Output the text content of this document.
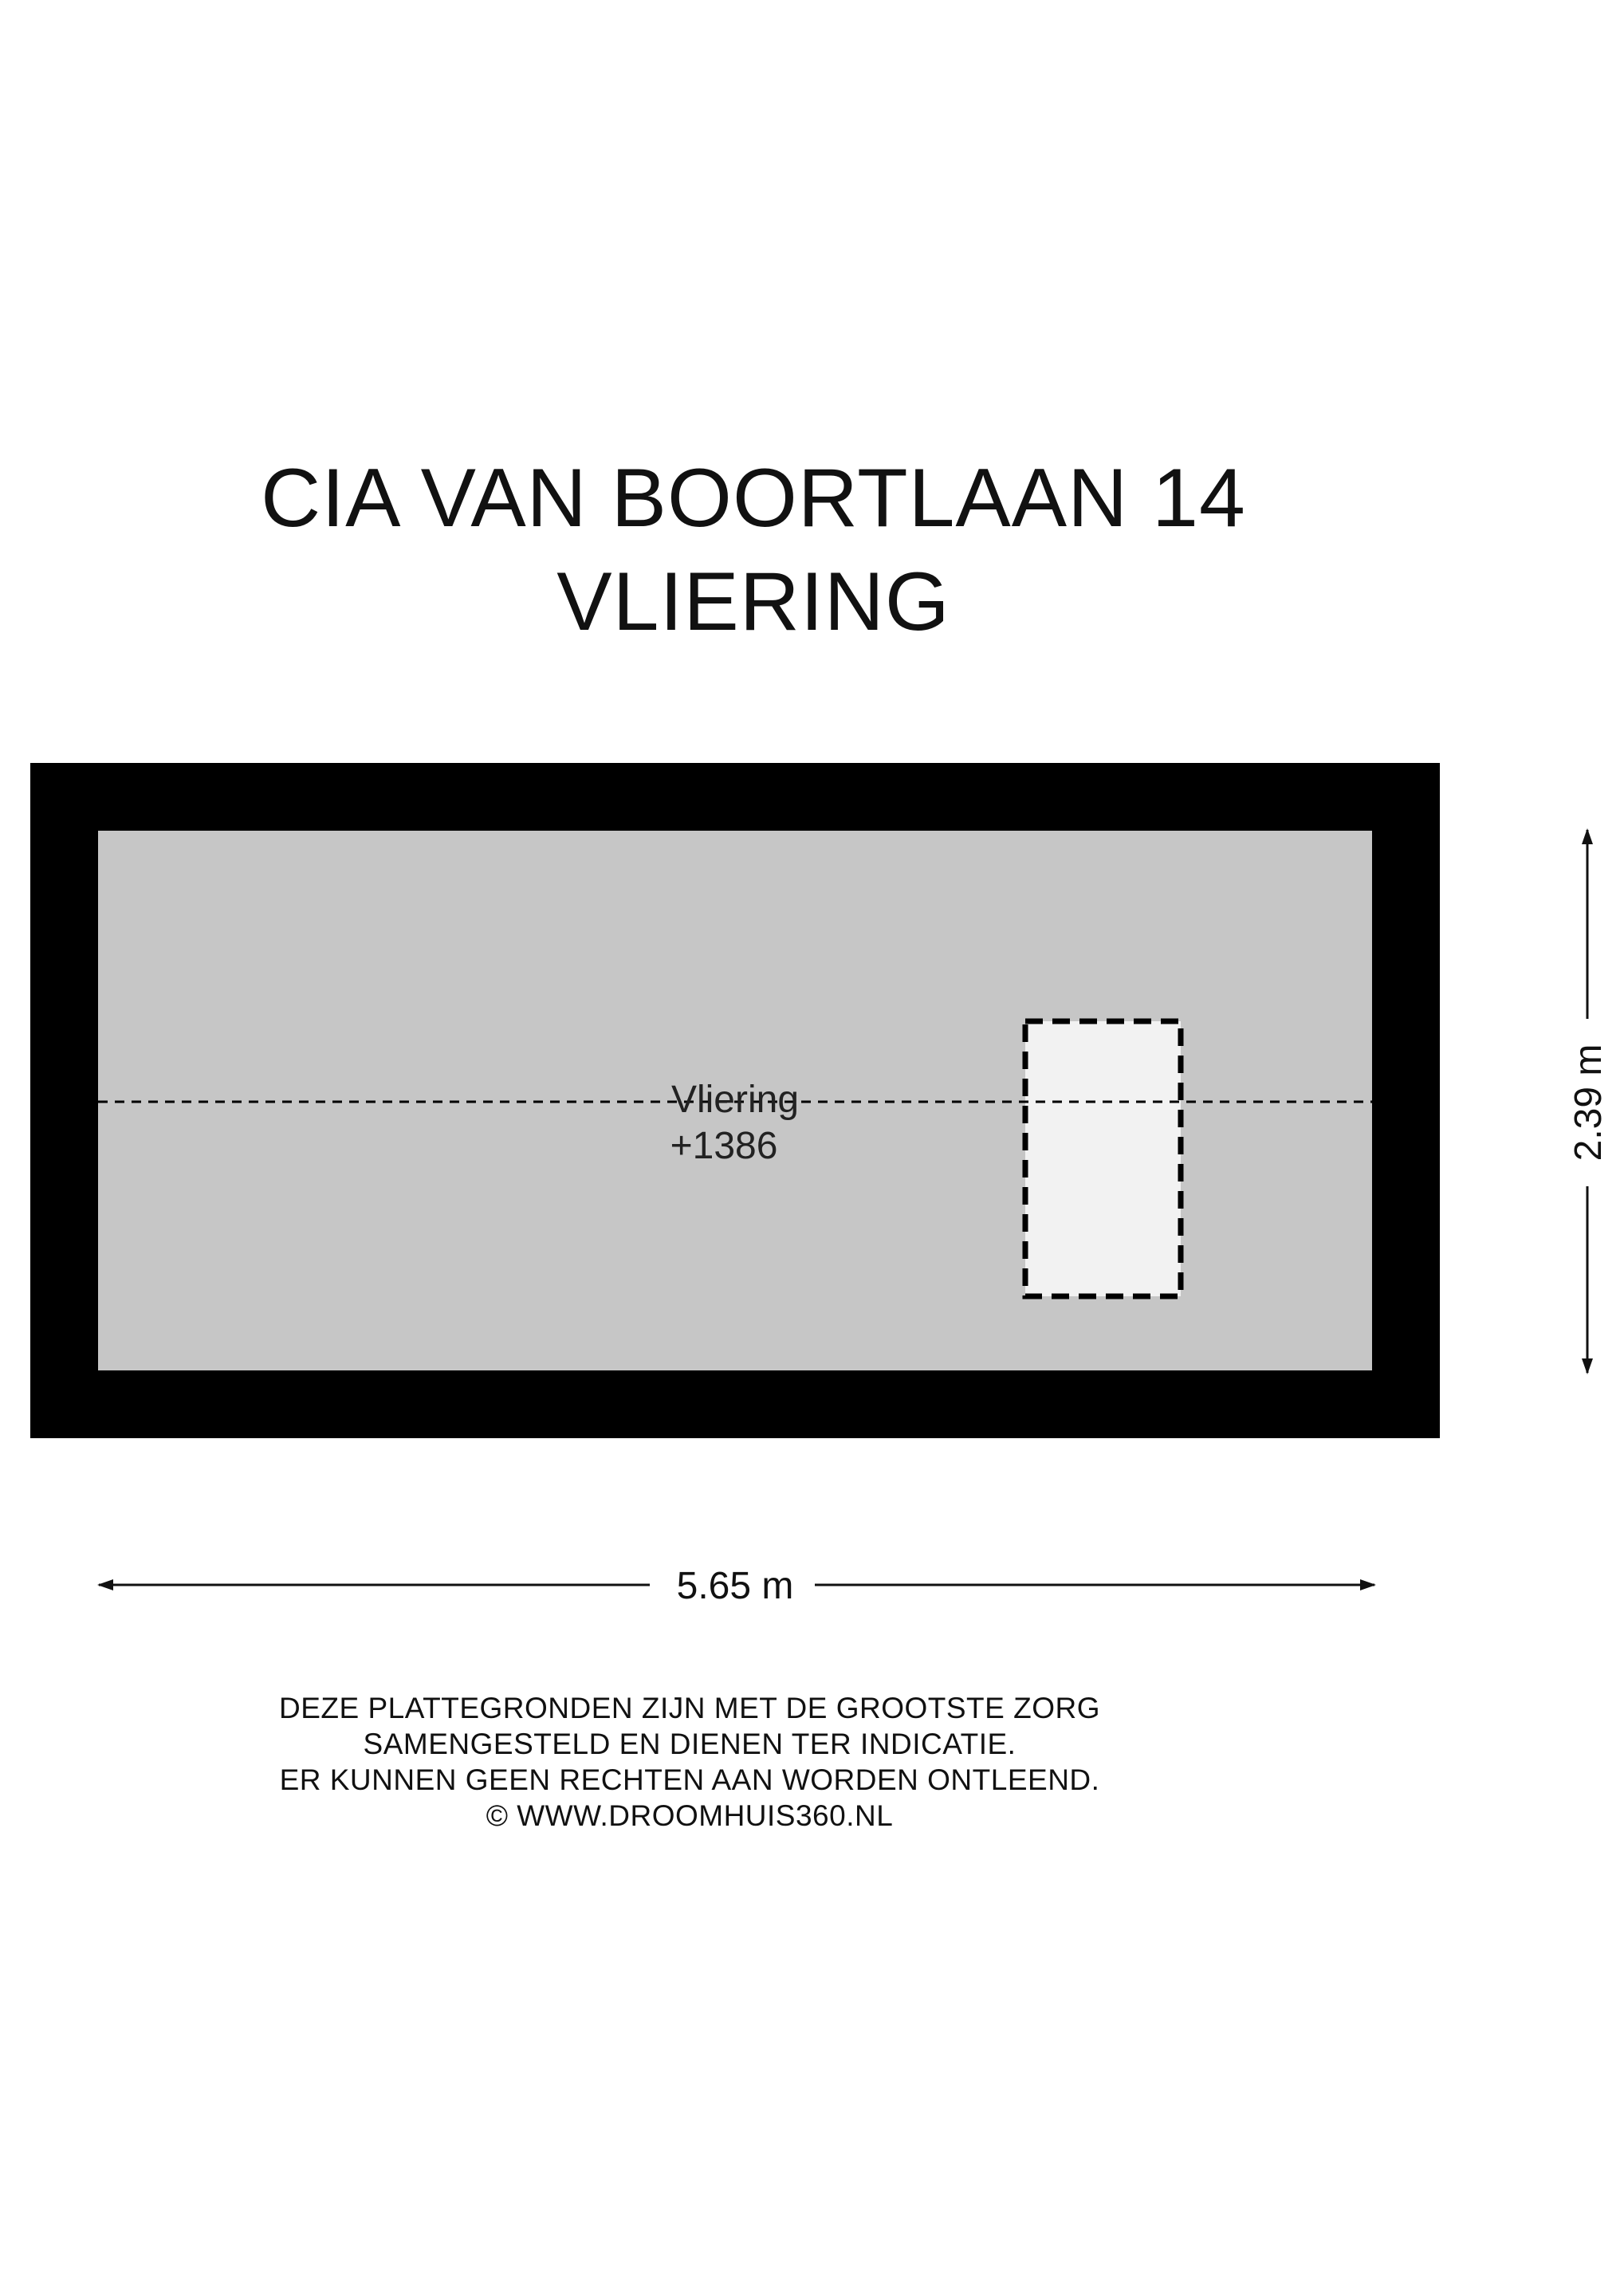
CIA VAN BOORTLAAN 14
VLIERING
Vliering
+1386
5.65 m
2.39 m
DEZE PLATTEGRONDEN ZIJN MET DE GROOTSTE ZORG
SAMENGESTELD EN DIENEN TER INDICATIE.
ER KUNNEN GEEN RECHTEN AAN WORDEN ONTLEEND.
© WWW.DROOMHUIS360.NL
